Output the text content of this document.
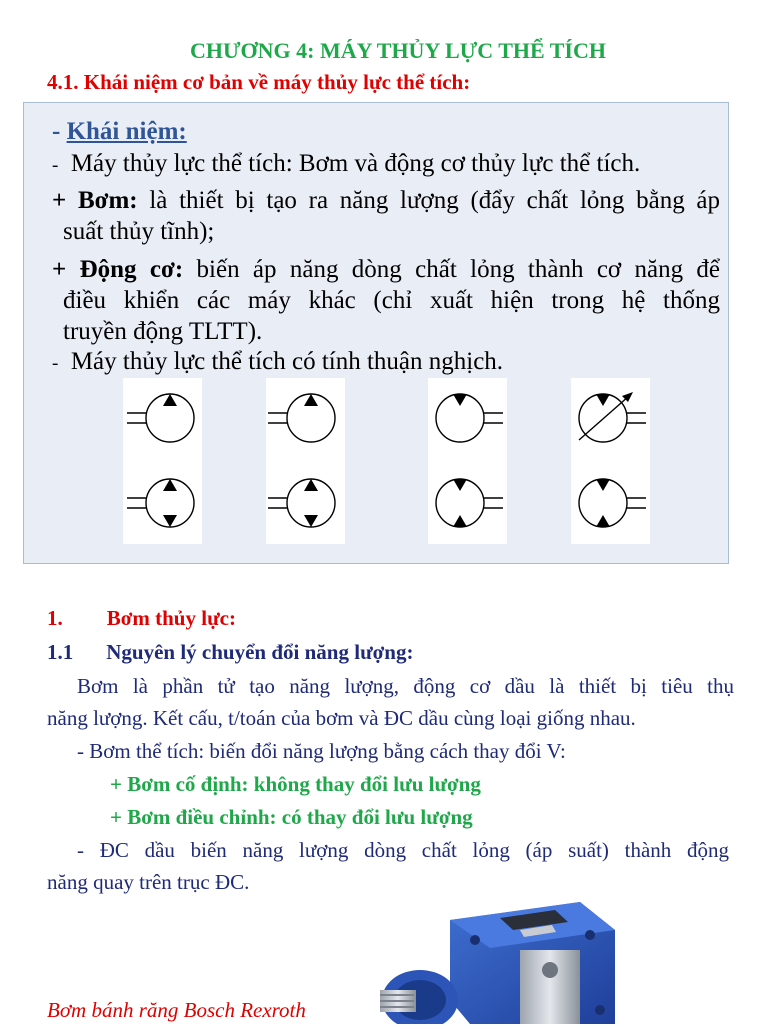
CHƯƠNG 4: MÁY THỦY LỰC THỂ TÍCH
4.1. Khái niệm cơ bản về máy thủy lực thể tích:
- Khái niệm:
- Máy thủy lực thể tích: Bơm và động cơ thủy lực thể tích.
+ Bơm: là thiết bị tạo ra năng lượng (đẩy chất lỏng bằng áp
suất thủy tĩnh);
+ Động cơ: biến áp năng dòng chất lỏng thành cơ năng để
điều khiển các máy khác (chỉ xuất hiện trong hệ thống
truyền động TLTT).
- Máy thủy lực thể tích có tính thuận nghịch.
1. Bơm thủy lực:
1.1 Nguyên lý chuyển đổi năng lượng:
Bơm là phần tử tạo năng lượng, động cơ dầu là thiết bị tiêu thụ
năng lượng. Kết cấu, t/toán của bơm và ĐC dầu cùng loại giống nhau.
- Bơm thể tích: biến đổi năng lượng bằng cách thay đổi V:
+ Bơm cố định: không thay đổi lưu lượng
+ Bơm điều chỉnh: có thay đổi lưu lượng
- ĐC dầu biến năng lượng dòng chất lỏng (áp suất) thành động
năng quay trên trục ĐC.
Bơm bánh răng Bosch Rexroth
